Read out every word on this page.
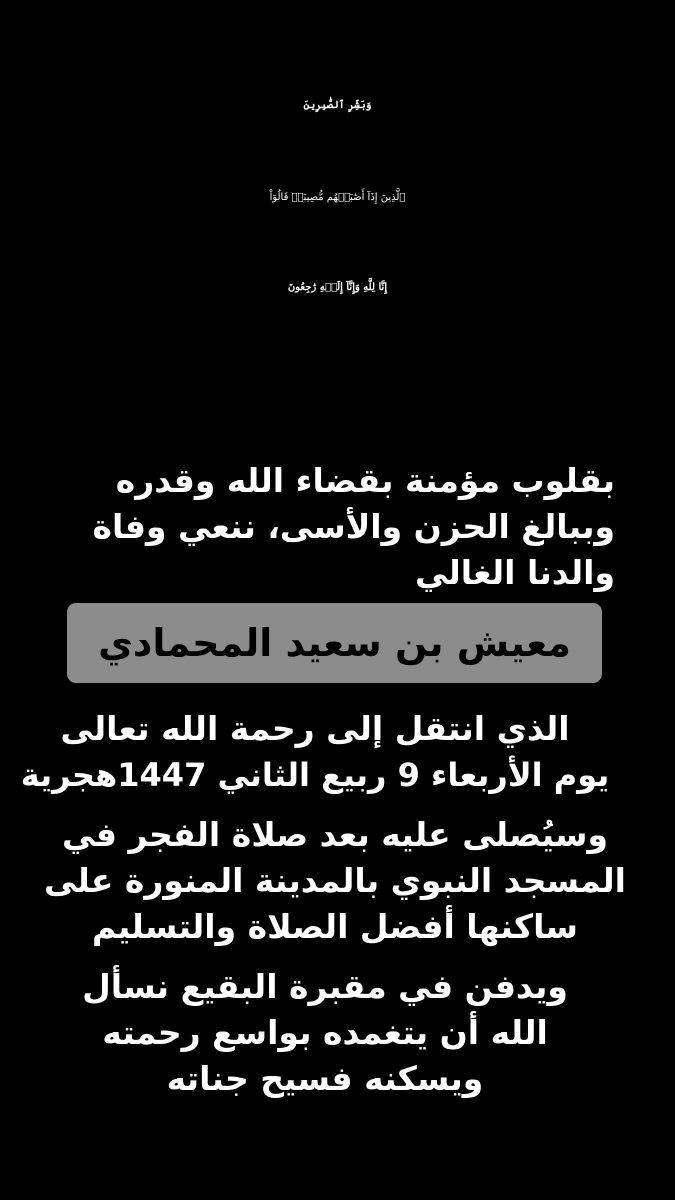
وَبَشِّرِ ٱلصَّٰبِرِينَ
ٱلَّذِينَ إِذَآ أَصَٰبَتۡهُم مُّصِيبَةٞ قَالُوٓاْ
إِنَّا لِلَّهِ وَإِنَّآ إِلَيۡهِ رَٰجِعُونَ
بقلوب مؤمنة بقضاء الله وقدره
وببالغ الحزن والأسى، ننعي وفاة
والدنا الغالي
معيش بن سعيد المحمادي
الذي انتقل إلى رحمة الله تعالى
يوم الأربعاء 9 ربيع الثاني 1447هجرية
وسيُصلى عليه بعد صلاة الفجر في
المسجد النبوي بالمدينة المنورة على
ساكنها أفضل الصلاة والتسليم
ويدفن في مقبرة البقيع نسأل
الله أن يتغمده بواسع رحمته
ويسكنه فسيح جناته
